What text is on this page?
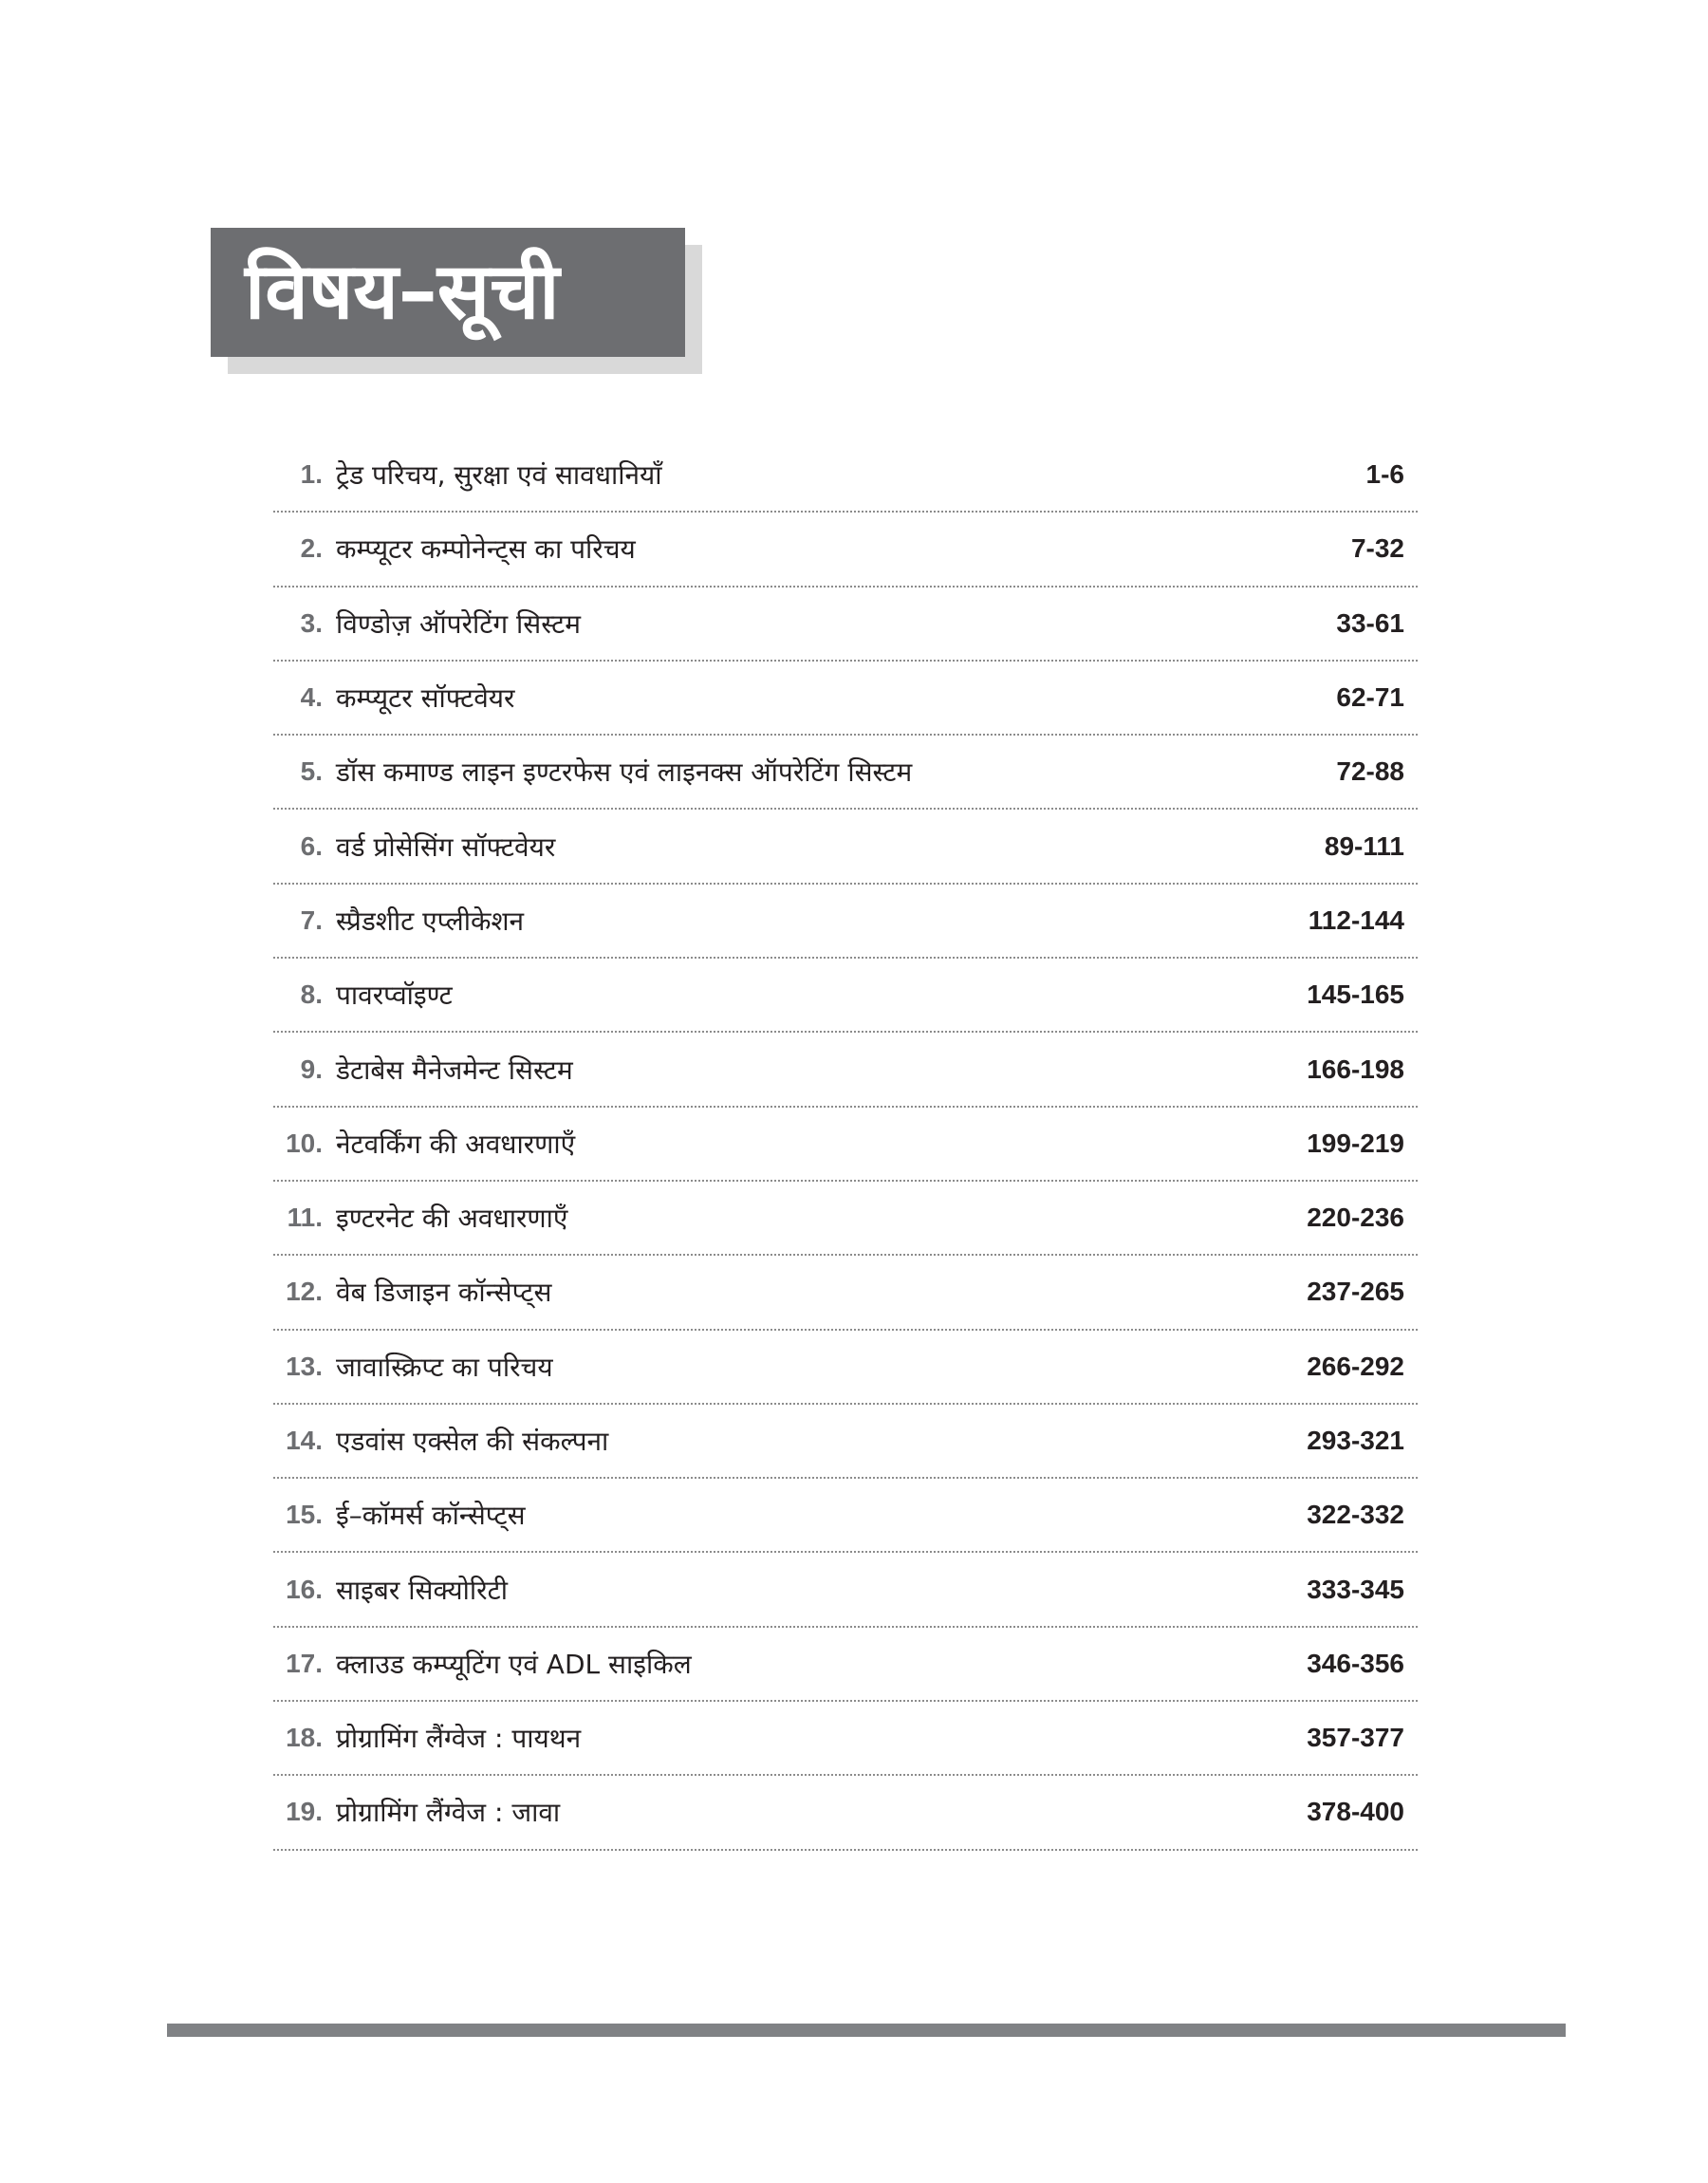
विषय–सूची
1. ट्रेड परिचय, सुरक्षा एवं सावधानियाँ	1-6
2. कम्प्यूटर कम्पोनेन्ट्स का परिचय	7-32
3. विण्डोज़ ऑपरेटिंग सिस्टम	33-61
4. कम्प्यूटर सॉफ्टवेयर	62-71
5. डॉस कमाण्ड लाइन इण्टरफेस एवं लाइनक्स ऑपरेटिंग सिस्टम	72-88
6. वर्ड प्रोसेसिंग सॉफ्टवेयर	89-111
7. स्प्रैडशीट एप्लीकेशन	112-144
8. पावरप्वॉइण्ट	145-165
9. डेटाबेस मैनेजमेन्ट सिस्टम	166-198
10. नेटवर्किंग की अवधारणाएँ	199-219
11. इण्टरनेट की अवधारणाएँ	220-236
12. वेब डिजाइन कॉन्सेप्ट्स	237-265
13. जावास्क्रिप्ट का परिचय	266-292
14. एडवांस एक्सेल की संकल्पना	293-321
15. ई–कॉमर्स कॉन्सेप्ट्स	322-332
16. साइबर सिक्योरिटी	333-345
17. क्लाउड कम्प्यूटिंग एवं ADL साइकिल	346-356
18. प्रोग्रामिंग लैंग्वेज : पायथन	357-377
19. प्रोग्रामिंग लैंग्वेज : जावा	378-400
